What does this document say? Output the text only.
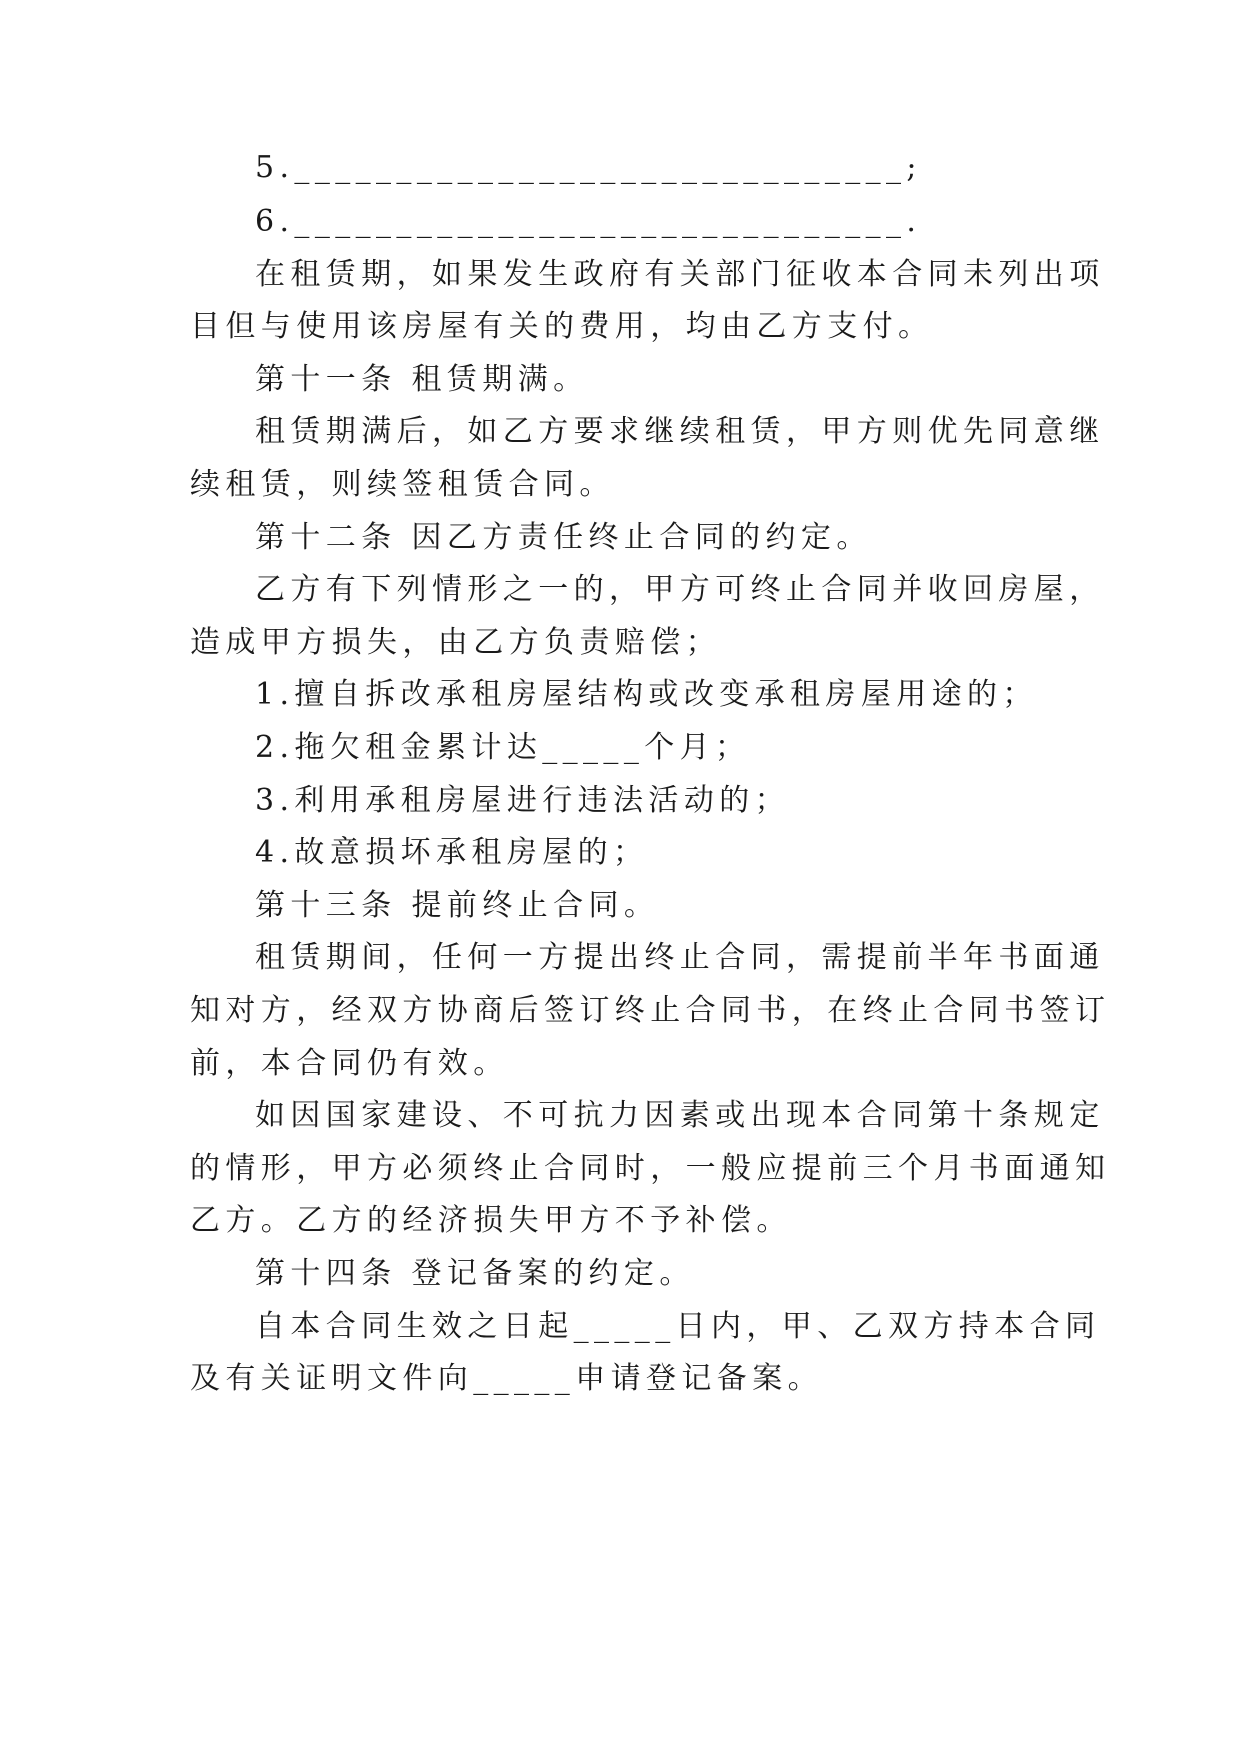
5.______________________________;
6.______________________________.
在租赁期，如果发生政府有关部门征收本合同未列出项
目但与使用该房屋有关的费用，均由乙方支付。
第十一条 租赁期满。
租赁期满后，如乙方要求继续租赁，甲方则优先同意继
续租赁，则续签租赁合同。
第十二条 因乙方责任终止合同的约定。
乙方有下列情形之一的，甲方可终止合同并收回房屋，
造成甲方损失，由乙方负责赔偿；
1.擅自拆改承租房屋结构或改变承租房屋用途的；
2.拖欠租金累计达_____个月；
3.利用承租房屋进行违法活动的；
4.故意损坏承租房屋的；
第十三条 提前终止合同。
租赁期间，任何一方提出终止合同，需提前半年书面通
知对方，经双方协商后签订终止合同书，在终止合同书签订
前，本合同仍有效。
如因国家建设、不可抗力因素或出现本合同第十条规定
的情形，甲方必须终止合同时，一般应提前三个月书面通知
乙方。乙方的经济损失甲方不予补偿。
第十四条 登记备案的约定。
自本合同生效之日起_____日内，甲、乙双方持本合同
及有关证明文件向_____申请登记备案。
